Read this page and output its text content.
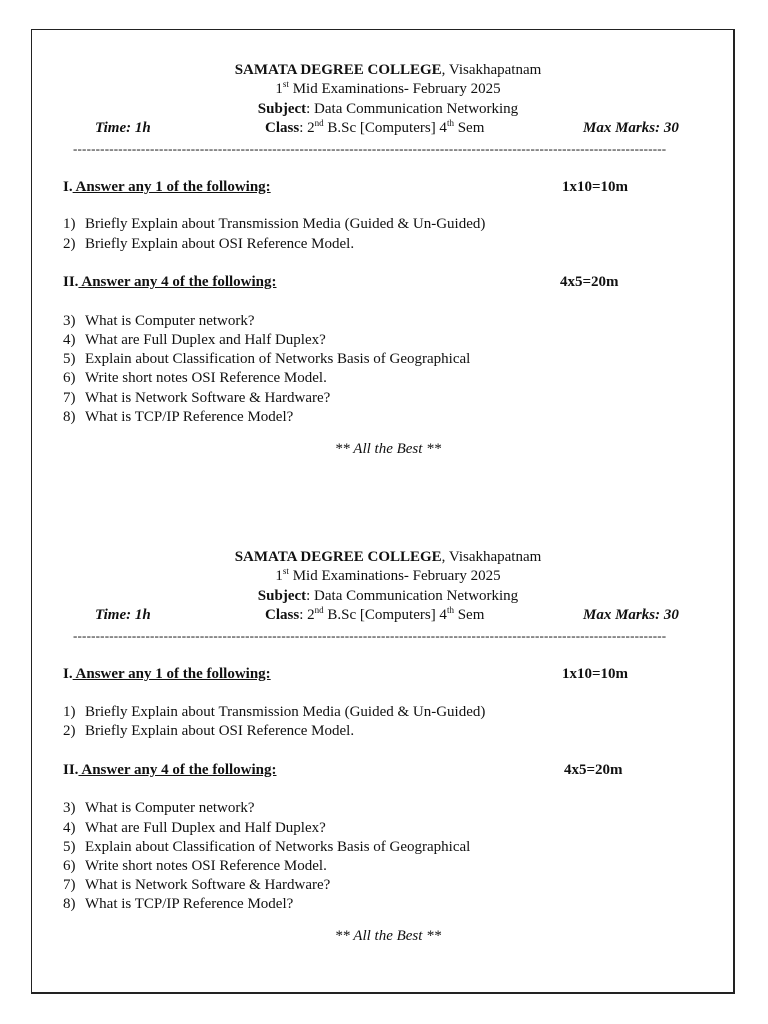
SAMATA DEGREE COLLEGE, Visakhapatnam
1st Mid Examinations- February 2025
Subject: Data Communication Networking
Time: 1h	Class: 2nd B.Sc [Computers] 4th Sem	Max Marks: 30
-----------------------------------------------------------------------------------------------------------------------------------
I. Answer any 1 of the following:	1x10=10m
1) Briefly Explain about Transmission Media (Guided & Un-Guided)
2) Briefly Explain about OSI Reference Model.
II. Answer any 4 of the following:	4x5=20m
3) What is Computer network?
4) What are Full Duplex and Half Duplex?
5) Explain about Classification of Networks Basis of Geographical
6) Write short notes OSI Reference Model.
7) What is Network Software & Hardware?
8) What is TCP/IP Reference Model?
** All the Best **
SAMATA DEGREE COLLEGE, Visakhapatnam
1st Mid Examinations- February 2025
Subject: Data Communication Networking
Time: 1h	Class: 2nd B.Sc [Computers] 4th Sem	Max Marks: 30
-----------------------------------------------------------------------------------------------------------------------------------
I. Answer any 1 of the following:	1x10=10m
1) Briefly Explain about Transmission Media (Guided & Un-Guided)
2) Briefly Explain about OSI Reference Model.
II. Answer any 4 of the following:	4x5=20m
3) What is Computer network?
4) What are Full Duplex and Half Duplex?
5) Explain about Classification of Networks Basis of Geographical
6) Write short notes OSI Reference Model.
7) What is Network Software & Hardware?
8) What is TCP/IP Reference Model?
** All the Best **
